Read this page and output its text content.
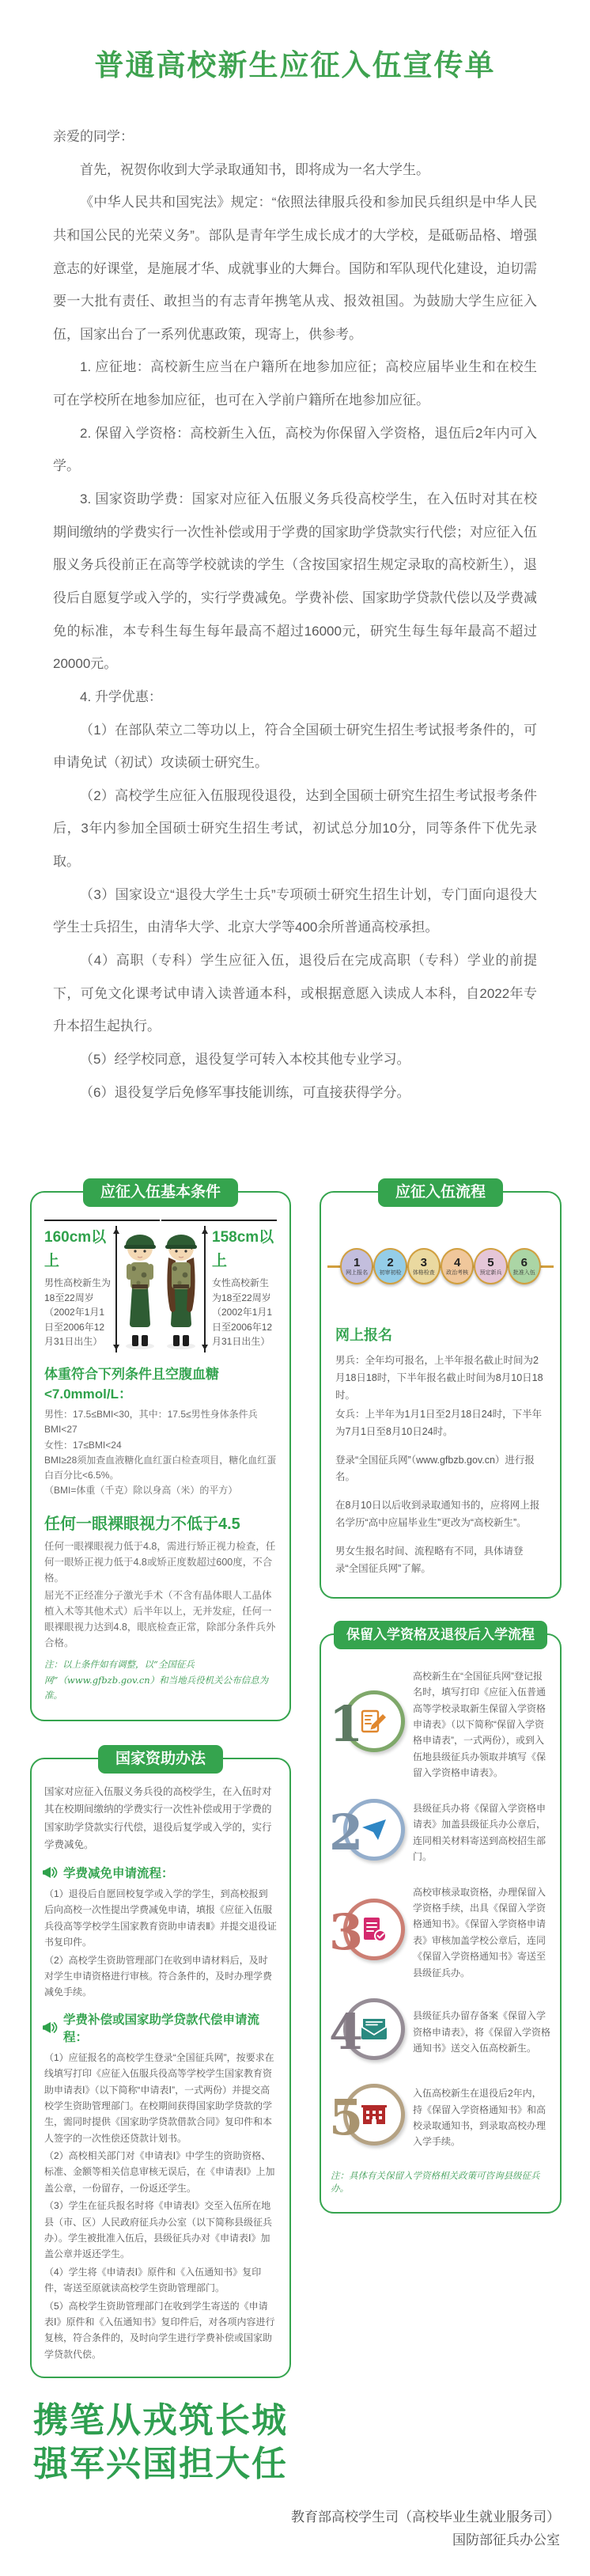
普通高校新生应征入伍宣传单

亲爱的同学：

首先，祝贺你收到大学录取通知书，即将成为一名大学生。

《中华人民共和国宪法》规定：“依照法律服兵役和参加民兵组织是中华人民共和国公民的光荣义务”。部队是青年学生成长成才的大学校，是砥砺品格、增强意志的好课堂，是施展才华、成就事业的大舞台。国防和军队现代化建设，迫切需要一大批有责任、敢担当的有志青年携笔从戎、报效祖国。为鼓励大学生应征入伍，国家出台了一系列优惠政策，现寄上，供参考。

1. 应征地：高校新生应当在户籍所在地参加应征；高校应届毕业生和在校生可在学校所在地参加应征，也可在入学前户籍所在地参加应征。

2. 保留入学资格：高校新生入伍，高校为你保留入学资格，退伍后2年内可入学。

3. 国家资助学费：国家对应征入伍服义务兵役高校学生，在入伍时对其在校期间缴纳的学费实行一次性补偿或用于学费的国家助学贷款实行代偿；对应征入伍服义务兵役前正在高等学校就读的学生（含按国家招生规定录取的高校新生），退役后自愿复学或入学的，实行学费减免。学费补偿、国家助学贷款代偿以及学费减免的标准，本专科生每生每年最高不超过16000元，研究生每生每年最高不超过20000元。

4. 升学优惠：

（1）在部队荣立二等功以上，符合全国硕士研究生招生考试报考条件的，可申请免试（初试）攻读硕士研究生。

（2）高校学生应征入伍服现役退役，达到全国硕士研究生招生考试报考条件后，3年内参加全国硕士研究生招生考试，初试总分加10分，同等条件下优先录取。

（3）国家设立“退役大学生士兵”专项硕士研究生招生计划，专门面向退役大学生士兵招生，由清华大学、北京大学等400余所普通高校承担。

（4）高职（专科）学生应征入伍，退役后在完成高职（专科）学业的前提下，可免文化课考试申请入读普通本科，或根据意愿入读成人本科，自2022年专升本招生起执行。

（5）经学校同意，退役复学可转入本校其他专业学习。

（6）退役复学后免修军事技能训练，可直接获得学分。

应征入伍基本条件
160cm以上
男性高校新生为18至22周岁（2002年1月1日至2006年12月31日出生）
158cm以上
女性高校新生为18至22周岁（2002年1月1日至2006年12月31日出生）
体重符合下列条件且空腹血糖<7.0mmol/L：
男性：17.5≤BMI<30，其中：17.5≤男性身体条件兵BMI<27
女性：17≤BMI<24
BMI≥28须加查血液糖化血红蛋白检查项目，糖化血红蛋白百分比<6.5%。
（BMI=体重（千克）除以身高（米）的平方）
任何一眼裸眼视力不低于4.5
任何一眼裸眼视力低于4.8，需进行矫正视力检查，任何一眼矫正视力低于4.8或矫正度数超过600度，不合格。
屈光不正经准分子激光手术（不含有晶体眼人工晶体植入术等其他术式）后半年以上，无并发症，任何一眼裸眼视力达到4.8，眼底检查正常，除部分条件兵外合格。
注：以上条件如有调整，以“全国征兵网”（www.gfbzb.gov.cn）和当地兵役机关公布信息为准。
国家资助办法
国家对应征入伍服义务兵役的高校学生，在入伍时对其在校期间缴纳的学费实行一次性补偿或用于学费的国家助学贷款实行代偿，退役后复学或入学的，实行学费减免。
学费减免申请流程：
（1）退役后自愿回校复学或入学的学生，到高校报到后向高校一次性提出学费减免申请，填报《应征入伍服兵役高等学校学生国家教育资助申请表Ⅱ》并提交退役证书复印件。
（2）高校学生资助管理部门在收到申请材料后，及时对学生申请资格进行审核。符合条件的，及时办理学费减免手续。
学费补偿或国家助学贷款代偿申请流程：
（1）应征报名的高校学生登录“全国征兵网”，按要求在线填写打印《应征入伍服兵役高等学校学生国家教育资助申请表Ⅰ》（以下简称“申请表Ⅰ”，一式两份）并提交高校学生资助管理部门。在校期间获得国家助学贷款的学生，需同时提供《国家助学贷款借款合同》复印件和本人签字的一次性偿还贷款计划书。
（2）高校相关部门对《申请表Ⅰ》中学生的资助资格、标准、金额等相关信息审核无误后，在《申请表Ⅰ》上加盖公章，一份留存，一份返还学生。
（3）学生在征兵报名时将《申请表Ⅰ》交至入伍所在地县（市、区）人民政府征兵办公室（以下简称县级征兵办）。学生被批准入伍后，县级征兵办对《申请表Ⅰ》加盖公章并返还学生。
（4）学生将《申请表Ⅰ》原件和《入伍通知书》复印件，寄送至原就读高校学生资助管理部门。
（5）高校学生资助管理部门在收到学生寄送的《申请表Ⅰ》原件和《入伍通知书》复印件后，对各项内容进行复核，符合条件的，及时向学生进行学费补偿或国家助学贷款代偿。
携笔从戎筑长城
强军兴国担大任
应征入伍流程
1
网上报名
2
初审初检
3
体格检查
4
政治考核
5
预定新兵
6
批准入伍
网上报名

男兵：全年均可报名，上半年报名截止时间为2月18日18时，下半年报名截止时间为8月10日18时。

女兵：上半年为1月1日至2月18日24时，下半年为7月1日至8月10日24时。

登录“全国征兵网”（www.gfbzb.gov.cn）进行报名。

在8月10日以后收到录取通知书的，应将网上报名学历“高中应届毕业生”更改为“高校新生”。

男女生报名时间、流程略有不同，具体请登录“全国征兵网”了解。

保留入学资格及退役后入学流程
1
高校新生在“全国征兵网”登记报名时，填写打印《应征入伍普通高等学校录取新生保留入学资格申请表》（以下简称“保留入学资格申请表”，一式两份），或到入伍地县级征兵办领取并填写《保留入学资格申请表》。
2	县级征兵办将《保留入学资格申请表》加盖县级征兵办公章后，连同相关材料寄送到高校招生部门。
3
高校审核录取资格，办理保留入学资格手续，出具《保留入学资格通知书》。《保留入学资格申请表》审核加盖学校公章后，连同《保留入学资格通知书》寄送至县级征兵办。
4	县级征兵办留存备案《保留入学资格申请表》，将《保留入学资格通知书》送交入伍高校新生。
5	入伍高校新生在退役后2年内，持《保留入学资格通知书》和高校录取通知书，到录取高校办理入学手续。
注：具体有关保留入学资格相关政策可咨询县级征兵办。
教育部高校学生司（高校毕业生就业服务司）
国防部征兵办公室
